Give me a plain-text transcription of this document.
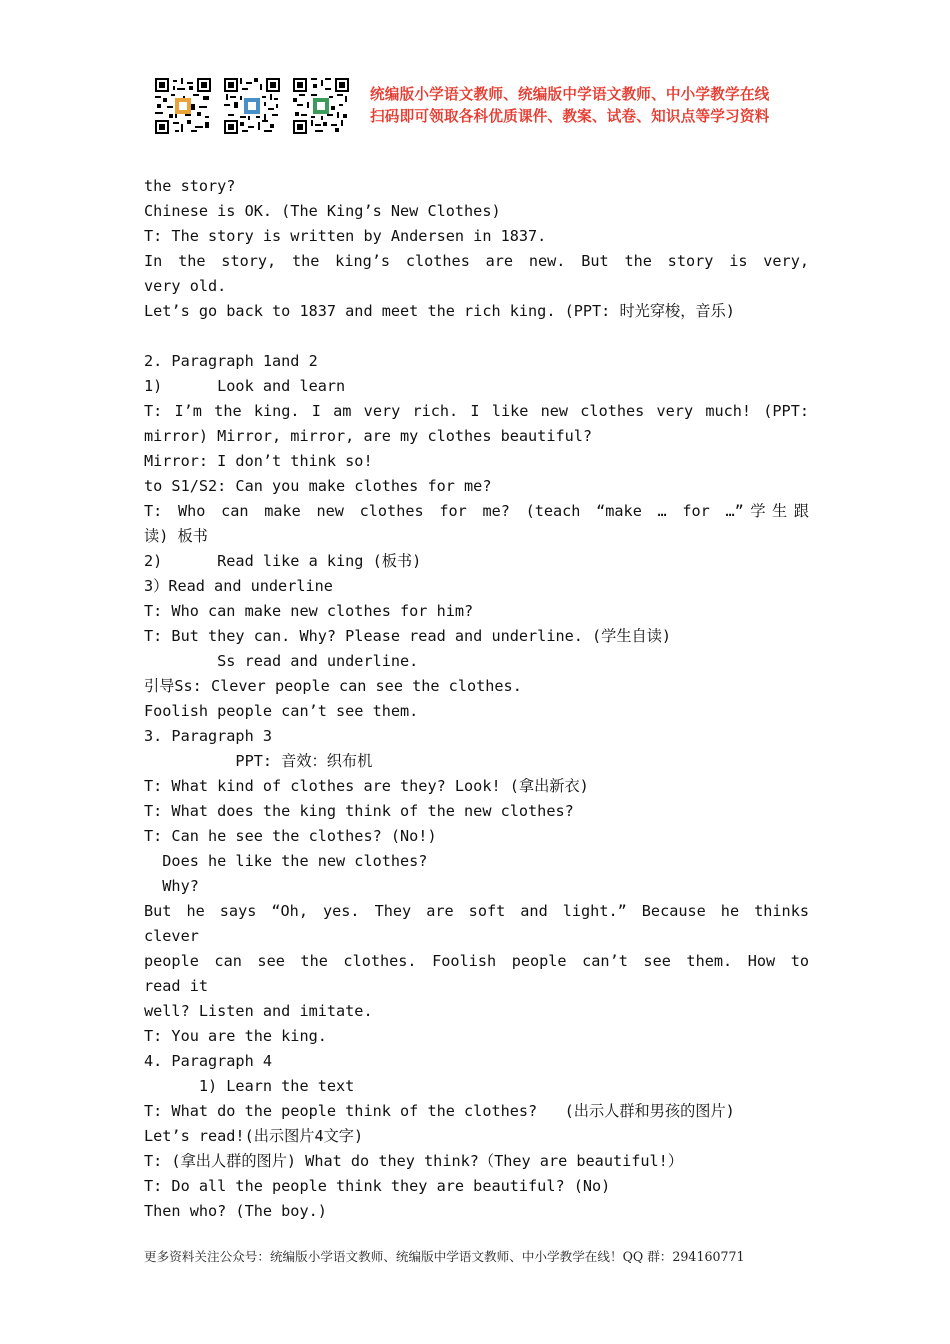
统编版小学语文教师、统编版中学语文教师、中小学教学在线
扫码即可领取各科优质课件、教案、试卷、知识点等学习资料
the story?
Chinese is OK. (The King’s New Clothes)
T: The story is written by Andersen in 1837.
In the story, the king’s clothes are new. But the story is very,
very old.
Let’s go back to 1837 and meet the rich king. (PPT: 时光穿梭，音乐)
2. Paragraph 1and 2
1)      Look and learn
T: I’m the king. I am very rich. I like new clothes very much! (PPT:
mirror) Mirror, mirror, are my clothes beautiful?
Mirror: I don’t think so!
to S1/S2: Can you make clothes for me?
T: Who can make new clothes for me? (teach “make … for …”学生跟
读) 板书
2)      Read like a king (板书)
3）Read and underline
T: Who can make new clothes for him?
T: But they can. Why? Please read and underline. (学生自读)
Ss read and underline.
引导Ss: Clever people can see the clothes.
Foolish people can’t see them.
3. Paragraph 3
PPT: 音效：织布机
T: What kind of clothes are they? Look! (拿出新衣)
T: What does the king think of the new clothes?
T: Can he see the clothes? (No!)
Does he like the new clothes?
Why?
But he says “Oh, yes. They are soft and light.” Because he thinks
clever
people can see the clothes. Foolish people can’t see them. How to
read it
well? Listen and imitate.
T: You are the king.
4. Paragraph 4
1) Learn the text
T: What do the people think of the clothes?   (出示人群和男孩的图片)
Let’s read!(出示图片4文字)
T: (拿出人群的图片) What do they think?（They are beautiful!）
T: Do all the people think they are beautiful? (No)
Then who? (The boy.)
更多资料关注公众号：统编版小学语文教师、统编版中学语文教师、中小学教学在线！QQ 群：294160771
